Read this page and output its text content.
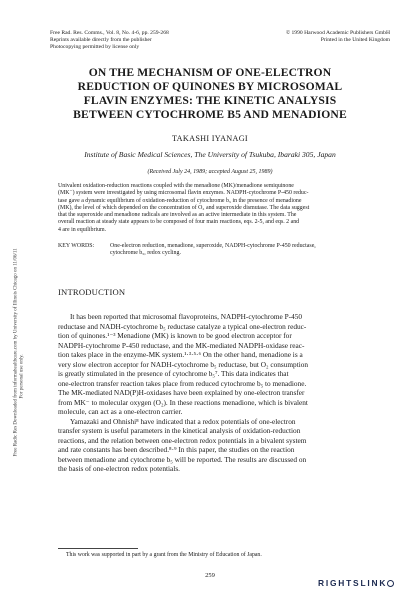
Free Rad. Res. Comms., Vol. 8, No. 4-6, pp. 259-268
Reprints available directly from the publisher
Photocopying permitted by license only
© 1990 Harwood Academic Publishers GmbH
Printed in the United Kingdom
ON THE MECHANISM OF ONE-ELECTRON
REDUCTION OF QUINONES BY MICROSOMAL
FLAVIN ENZYMES: THE KINETIC ANALYSIS
BETWEEN CYTOCHROME B5 AND MENADIONE
TAKASHI IYANAGI
Institute of Basic Medical Sciences, The University of Tsukuba, Ibaraki 305, Japan
(Received July 24, 1989; accepted August 25, 1989)
Univalent oxidation-reduction reactions coupled with the menadione (MK)/menadione semiquinone
(MK⁻) system were investigated by using microsomal flavin enzymes. NADPH-cytochrome P-450 reduc-
tase gave a dynamic equilibrium of oxidation-reduction of cytochrome b₅ in the presence of menadione
(MK), the level of which depended on the concentration of O₂ and superoxide dismutase. The data suggest
that the superoxide and menadione radicals are involved as an active intermediate in this system. The
overall reaction at steady state appears to be composed of four main reactions, eqs. 2-5, and eqs. 2 and
4 are in equilibrium.
KEY WORDS:	One-electron reduction, menadione, superoxide, NADPH-cytochrome P-450 reductase,
cytochrome b₅, redox cycling.
INTRODUCTION
It has been reported that microsomal flavoproteins, NADPH-cytochrome P-450
reductase and NADH-cytochrome b₅ reductase catalyze a typical one-electron reduc-
tion of quinones.¹⁻³ Menadione (MK) is known to be good electron acceptor for
NADPH-cytochrome P-450 reductase, and the MK-mediated NADPH-oxidase reac-
tion takes place in the enzyme-MK system.¹·³·⁵·⁶ On the other hand, menadione is a
very slow electron acceptor for NADH-cytochrome b₅ reductase, but O₂ consumption
is greatly stimulated in the presence of cytochrome b₅⁷. This data indicates that
one-electron transfer reaction takes place from reduced cytochrome b₅ to menadione.
The MK-mediated NAD(P)H-oxidases have been explained by one-electron transfer
from MK⁻ to molecular oxygen (O₂). In these reactions menadione, which is bivalent
molecule, can act as a one-electron carrier.
Yamazaki and Ohnishi⁸ have indicated that a redox potentials of one-electron
transfer system is useful parameters in the kinetical analysis of oxidation-reduction
reactions, and the relation between one-electron redox potentials in a bivalent system
and rate constants has been described.⁸·⁹ In this paper, the studies on the reaction
between menadione and cytochrome b₅ will be reported. The results are discussed on
the basis of one-electron redox potentials.
This work was supported in part by a grant from the Ministry of Education of Japan.
259
Free Radic Res Downloaded from informahealthcare.com by University of Illinois Chicago on 11/06/11 For personal use only.
RIGHTSLINK
